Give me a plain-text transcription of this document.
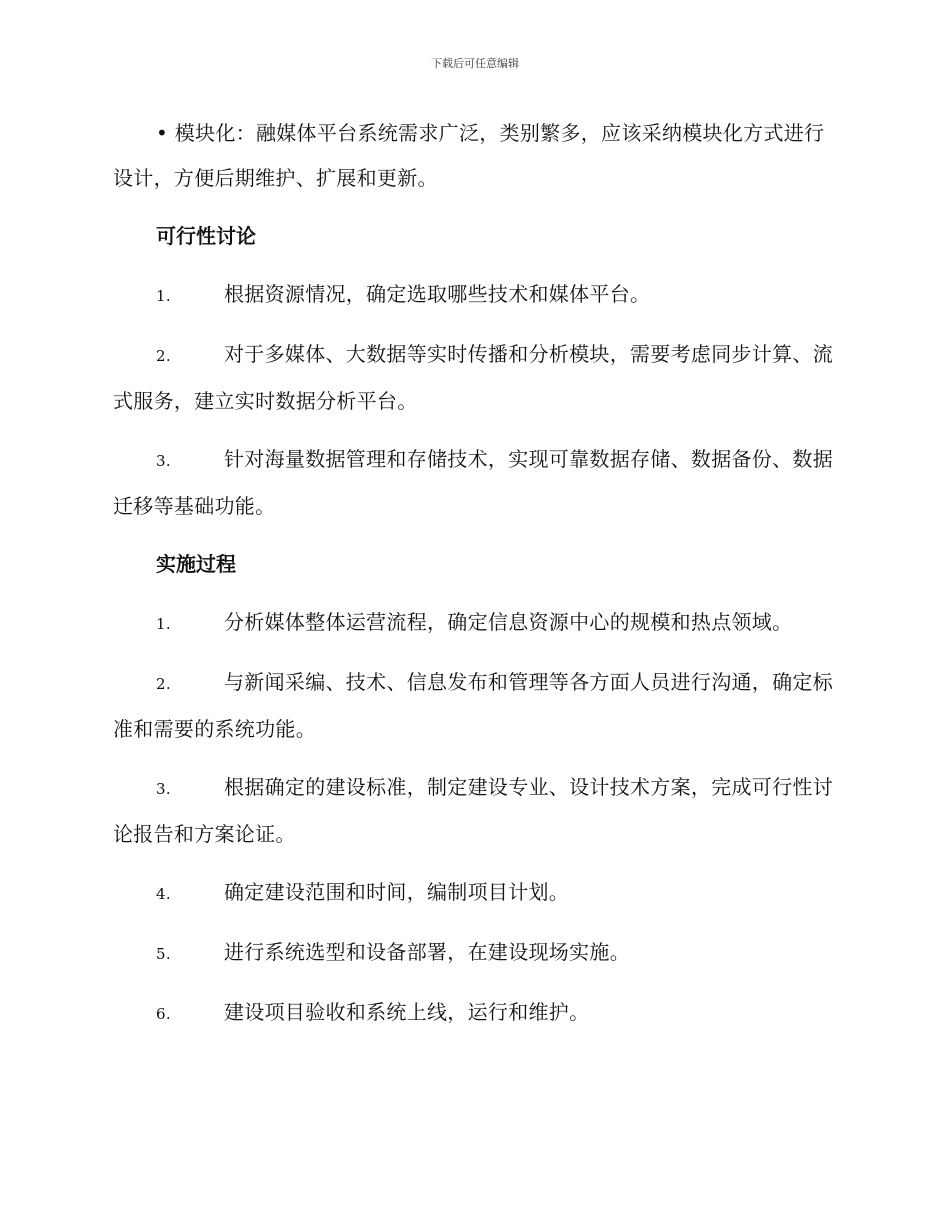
下载后可任意编辑

• 模块化：融媒体平台系统需求广泛，类别繁多，应该采纳模块化方式进行设计，方便后期维护、扩展和更新。

可行性讨论

1.	根据资源情况，确定选取哪些技术和媒体平台。

2.	对于多媒体、大数据等实时传播和分析模块，需要考虑同步计算、流式服务，建立实时数据分析平台。

3.	针对海量数据管理和存储技术，实现可靠数据存储、数据备份、数据迁移等基础功能。

实施过程

1.	分析媒体整体运营流程，确定信息资源中心的规模和热点领域。

2.	与新闻采编、技术、信息发布和管理等各方面人员进行沟通，确定标准和需要的系统功能。

3.	根据确定的建设标准，制定建设专业、设计技术方案，完成可行性讨论报告和方案论证。

4.	确定建设范围和时间，编制项目计划。

5.	进行系统选型和设备部署，在建设现场实施。

6.	建设项目验收和系统上线，运行和维护。
